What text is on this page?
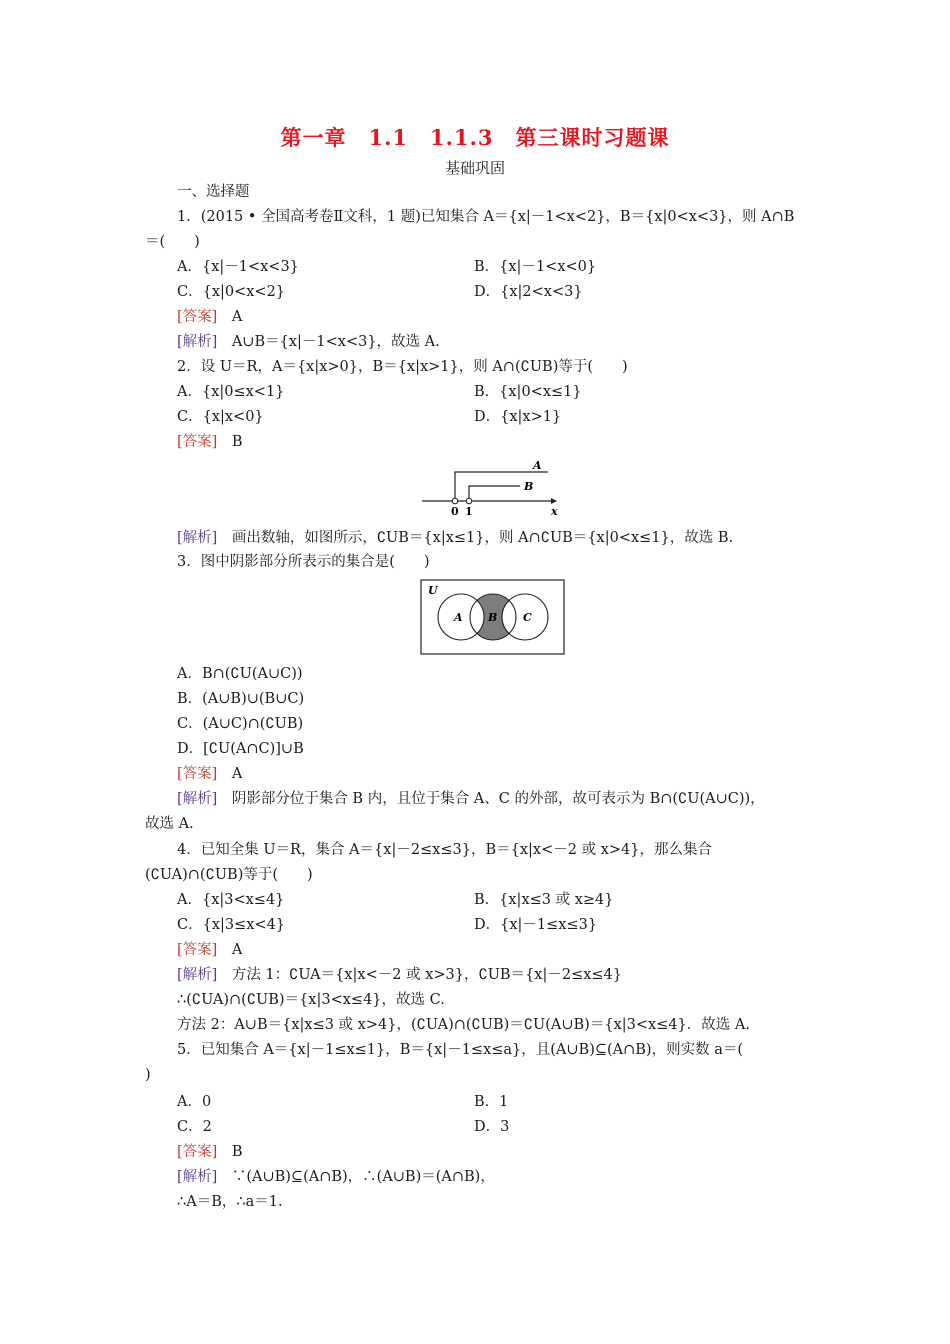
第一章　1.1　1.1.3　第三课时习题课
基础巩固
一、选择题
1．(2015 • 全国高考卷Ⅱ文科，1 题)已知集合 A＝{x|－1<x<2}，B＝{x|0<x<3}，则 A∩B
＝(　　)
A．{x|－1<x<3}	B．{x|－1<x<0}
C．{x|0<x<2}	D．{x|2<x<3}
[答案]　 A
[解析]　 A∪B＝{x|－1<x<3}，故选 A.
2．设 U＝R，A＝{x|x>0}，B＝{x|x>1}，则 A∩(∁UB)等于(　　)
A．{x|0≤x<1}	B．{x|0<x≤1}
C．{x|x<0}	D．{x|x>1}
[答案]　 B
A
B
x
0 1
[解析]　 画出数轴，如图所示，∁UB＝{x|x≤1}，则 A∩∁UB＝{x|0<x≤1}，故选 B.
3．图中阴影部分所表示的集合是(　　)
U
A B C
A．B∩(∁U(A∪C))
B．(A∪B)∪(B∪C)
C．(A∪C)∩(∁UB)
D．[∁U(A∩C)]∪B
[答案]　 A
[解析]　 阴影部分位于集合 B 内，且位于集合 A、C 的外部，故可表示为 B∩(∁U(A∪C))，
故选 A.
4．已知全集 U＝R，集合 A＝{x|－2≤x≤3}，B＝{x|x<－2 或 x>4}，那么集合
(∁UA)∩(∁UB)等于(　　)
A．{x|3<x≤4}	B．{x|x≤3 或 x≥4}
C．{x|3≤x<4}	D．{x|－1≤x≤3}
[答案]　 A
[解析]　 方法 1：∁UA＝{x|x<－2 或 x>3}，∁UB＝{x|－2≤x≤4}
∴(∁UA)∩(∁UB)＝{x|3<x≤4}，故选 C.
方法 2：A∪B＝{x|x≤3 或 x>4}，(∁UA)∩(∁UB)＝∁U(A∪B)＝{x|3<x≤4}．故选 A.
5．已知集合 A＝{x|－1≤x≤1}，B＝{x|－1≤x≤a}，且(A∪B)⊆(A∩B)，则实数 a＝(
)
A．0	B．1
C．2	D．3
[答案]　 B
[解析]　 ∵(A∪B)⊆(A∩B)，∴(A∪B)＝(A∩B)，
∴A＝B，∴a＝1.
